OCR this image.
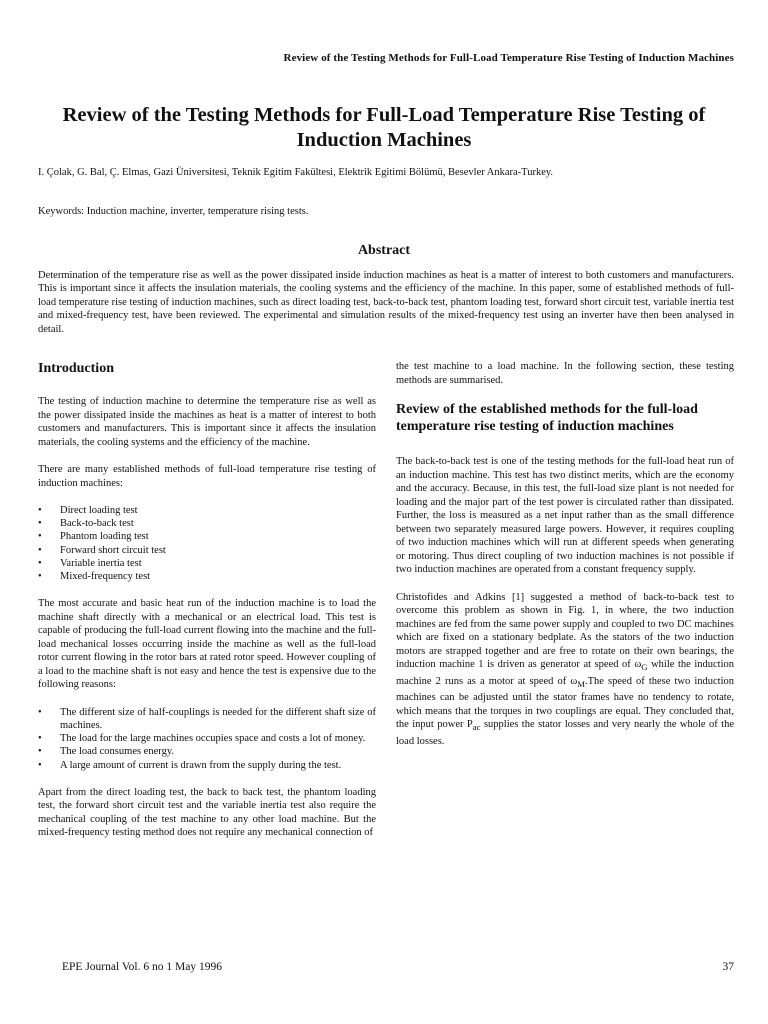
Review of the Testing Methods for Full-Load Temperature Rise Testing of Induction Machines
Review of the Testing Methods for Full-Load Temperature Rise Testing of Induction Machines

I. Çolak, G. Bal, Ç. Elmas, Gazi Üniversitesi, Teknik Egitim Fakültesi, Elektrik Egitimi Bölümü, Besevler Ankara-Turkey.

Keywords: Induction machine, inverter, temperature rising tests.

Abstract

Determination of the temperature rise as well as the power dissipated inside induction machines as heat is a matter of interest to both customers and manufacturers. This is important since it affects the insulation materials, the cooling systems and the efficiency of the machine. In this paper, some of established methods of full-load temperature rise testing of induction machines, such as direct loading test, back-to-back test, phantom loading test, forward short circuit test, variable inertia test and mixed-frequency test, have been reviewed. The experimental and simulation results of the mixed-frequency test using an inverter have then been analysed in detail.

Introduction

The testing of induction machine to determine the temperature rise as well as the power dissipated inside the machines as heat is a matter of interest to both customers and manufacturers. This is important since it affects the insulation materials, the cooling systems and the efficiency of the machine.

There are many established methods of full-load temperature rise testing of induction machines:

• Direct loading test
• Back-to-back test
• Phantom loading test
• Forward short circuit test
• Variable inertia test
• Mixed-frequency test

The most accurate and basic heat run of the induction machine is to load the machine shaft directly with a mechanical or an electrical load. This test is capable of producing the full-load current flowing into the machine and the full-load mechanical losses occurring inside the machine as well as the full-load rotor current flowing in the rotor bars at rated rotor speed. However coupling of a load to the machine shaft is not easy and hence the test is expensive due to the following reasons:

• The different size of half-couplings is needed for the different shaft size of machines.
• The load for the large machines occupies space and costs a lot of money.
• The load consumes energy.
• A large amount of current is drawn from the supply during the test.

Apart from the direct loading test, the back to back test, the phantom loading test, the forward short circuit test and the variable inertia test also require the mechanical coupling of the test machine to any other load machine. But the mixed-frequency testing method does not require any mechanical connection of

the test machine to a load machine. In the following section, these testing methods are summarised.

Review of the established methods for the full-load temperature rise testing of induction machines

The back-to-back test is one of the testing methods for the full-load heat run of an induction machine. This test has two distinct merits, which are the economy and the accuracy. Because, in this test, the full-load size plant is not needed for loading and the major part of the test power is circulated rather than dissipated. Further, the loss is measured as a net input rather than as the small difference between two separately measured large powers. However, it requires coupling of two induction machines which will run at different speeds when generating or motoring. Thus direct coupling of two induction machines is not possible if two induction machines are operated from a constant frequency supply.

Christofides and Adkins [1] suggested a method of back-to-back test to overcome this problem as shown in Fig. 1, in where, the two induction machines are fed from the same power supply and coupled to two DC machines which are fixed on a stationary bedplate. As the stators of the two induction motors are strapped together and are free to rotate on their own bearings, the induction machine 1 is driven as generator at speed of $\omega_G$ while the induction machine 2 runs as a motor at speed of $\omega_M.The$ speed of these two induction machines can be adjusted until the stator frames have no tendency to rotate, which means that the torques in two couplings are equal. They concluded that, the input power $P_{ac}$ supplies the stator losses and very nearly the whole of the load losses.

EPE Journal Vol. 6 no 1 May 1996	37
